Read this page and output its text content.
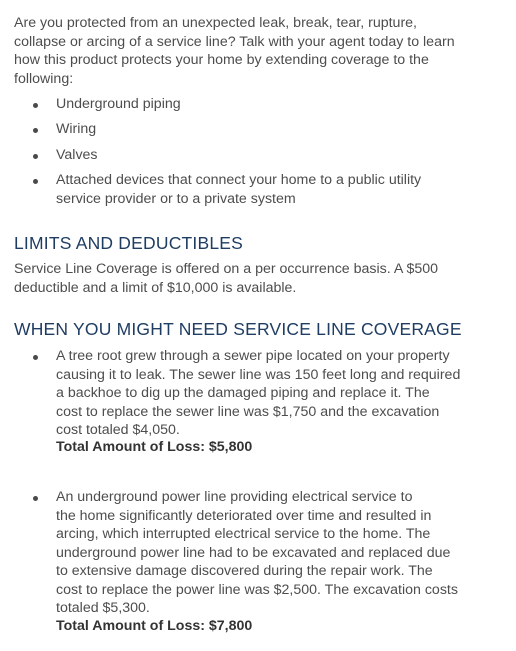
Are you protected from an unexpected leak, break, tear, rupture,
collapse or arcing of a service line? Talk with your agent today to learn
how this product protects your home by extending coverage to the
following:

Underground piping
Wiring
Valves
Attached devices that connect your home to a public utility
service provider or to a private system
LIMITS AND DEDUCTIBLES

Service Line Coverage is offered on a per occurrence basis. A $500
deductible and a limit of $10,000 is available.

WHEN YOU MIGHT NEED SERVICE LINE COVERAGE
A tree root grew through a sewer pipe located on your property
causing it to leak. The sewer line was 150 feet long and required
a backhoe to dig up the damaged piping and replace it. The
cost to replace the sewer line was $1,750 and the excavation
cost totaled $4,050.
Total Amount of Loss: $5,800
An underground power line providing electrical service to
the home significantly deteriorated over time and resulted in
arcing, which interrupted electrical service to the home. The
underground power line had to be excavated and replaced due
to extensive damage discovered during the repair work. The
cost to replace the power line was $2,500. The excavation costs
totaled $5,300.
Total Amount of Loss: $7,800
